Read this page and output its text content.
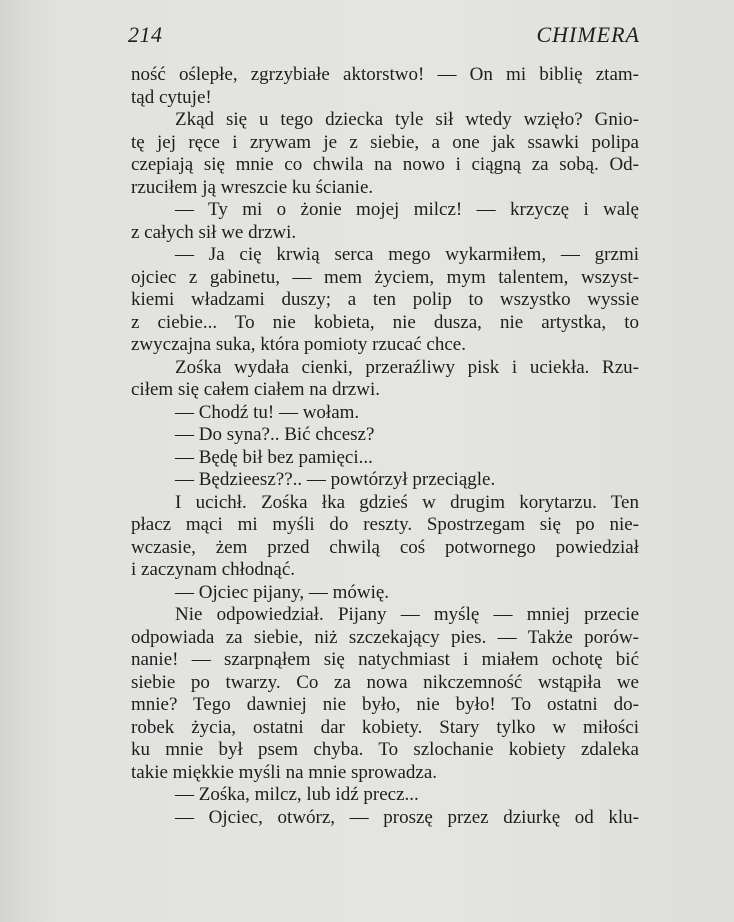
214	CHIMERA
ność oślepłe, zgrzybiałe aktorstwo! — On mi biblię ztam-
tąd cytuje!
Zkąd się u tego dziecka tyle sił wtedy wzięło? Gnio-
tę jej ręce i zrywam je z siebie, a one jak ssawki polipa
czepiają się mnie co chwila na nowo i ciągną za sobą. Od-
rzuciłem ją wreszcie ku ścianie.
— Ty mi o żonie mojej milcz! — krzyczę i walę
z całych sił we drzwi.
— Ja cię krwią serca mego wykarmiłem, — grzmi
ojciec z gabinetu, — mem życiem, mym talentem, wszyst-
kiemi władzami duszy; a ten polip to wszystko wyssie
z ciebie... To nie kobieta, nie dusza, nie artystka, to
zwyczajna suka, która pomioty rzucać chce.
Zośka wydała cienki, przeraźliwy pisk i uciekła. Rzu-
ciłem się całem ciałem na drzwi.
— Chodź tu! — wołam.
— Do syna?.. Bić chcesz?
— Będę bił bez pamięci...
— Będzieesz??.. — powtórzył przeciągle.
I ucichł. Zośka łka gdzieś w drugim korytarzu. Ten
płacz mąci mi myśli do reszty. Spostrzegam się po nie-
wczasie, żem przed chwilą coś potwornego powiedział
i zaczynam chłodnąć.
— Ojciec pijany, — mówię.
Nie odpowiedział. Pijany — myślę — mniej przecie
odpowiada za siebie, niż szczekający pies. — Także porów-
nanie! — szarpnąłem się natychmiast i miałem ochotę bić
siebie po twarzy. Co za nowa nikczemność wstąpiła we
mnie? Tego dawniej nie było, nie było! To ostatni do-
robek życia, ostatni dar kobiety. Stary tylko w miłości
ku mnie był psem chyba. To szlochanie kobiety zdaleka
takie miękkie myśli na mnie sprowadza.
— Zośka, milcz, lub idź precz...
— Ojciec, otwórz, — proszę przez dziurkę od klu-
